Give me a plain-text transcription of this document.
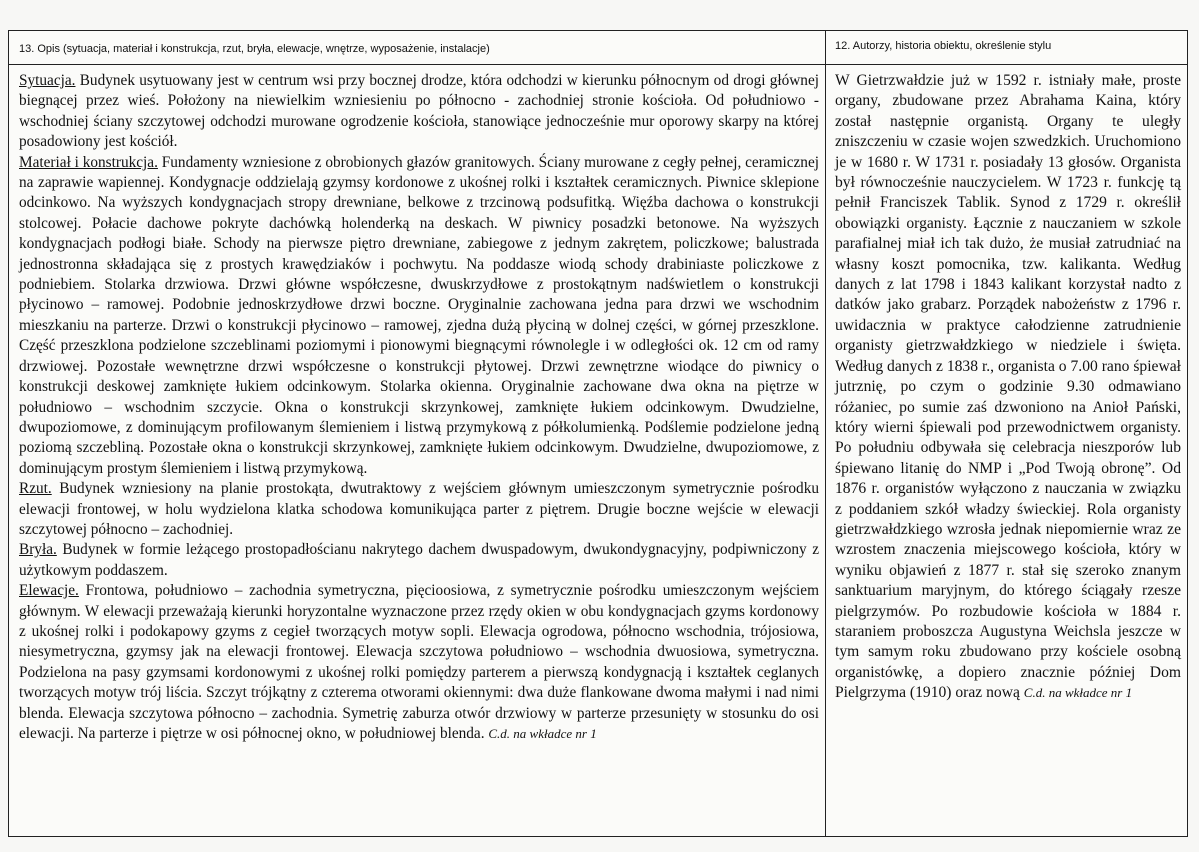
13. Opis (sytuacja, materiał i konstrukcja, rzut, bryła, elewacje, wnętrze, wyposażenie, instalacje)	12. Autorzy, historia obiektu, określenie stylu

Sytuacja. Budynek usytuowany jest w centrum wsi przy bocznej drodze, która odchodzi w kierunku północnym od drogi głównej biegnącej przez wieś. Położony na niewielkim wzniesieniu po północno - zachodniej stronie kościoła. Od południowo - wschodniej ściany szczytowej odchodzi murowane ogrodzenie kościoła, stanowiące jednocześnie mur oporowy skarpy na której posadowiony jest kościół.

Materiał i konstrukcja. Fundamenty wzniesione z obrobionych głazów granitowych. Ściany murowane z cegły pełnej, ceramicznej na zaprawie wapiennej. Kondygnacje oddzielają gzymsy kordonowe z ukośnej rolki i kształtek ceramicznych. Piwnice sklepione odcinkowo. Na wyższych kondygnacjach stropy drewniane, belkowe z trzcinową podsufitką. Więźba dachowa o konstrukcji stolcowej. Połacie dachowe pokryte dachówką holenderką na deskach. W piwnicy posadzki betonowe. Na wyższych kondygnacjach podłogi białe. Schody na pierwsze piętro drewniane, zabiegowe z jednym zakrętem, policzkowe; balustrada jednostronna składająca się z prostych krawędziaków i pochwytu. Na poddasze wiodą schody drabiniaste policzkowe z podniebiem. Stolarka drzwiowa. Drzwi główne współczesne, dwuskrzydłowe z prostokątnym nadświetlem o konstrukcji płycinowo – ramowej. Podobnie jednoskrzydłowe drzwi boczne. Oryginalnie zachowana jedna para drzwi we wschodnim mieszkaniu na parterze. Drzwi o konstrukcji płycinowo – ramowej, zjedna dużą płyciną w dolnej części, w górnej przeszklone. Część przeszklona podzielone szczeblinami poziomymi i pionowymi biegnącymi równolegle i w odległości ok. 12 cm od ramy drzwiowej. Pozostałe wewnętrzne drzwi współczesne o konstrukcji płytowej. Drzwi zewnętrzne wiodące do piwnicy o konstrukcji deskowej zamknięte łukiem odcinkowym. Stolarka okienna. Oryginalnie zachowane dwa okna na piętrze w południowo – wschodnim szczycie. Okna o konstrukcji skrzynkowej, zamknięte łukiem odcinkowym. Dwudzielne, dwupoziomowe, z dominującym profilowanym ślemieniem i listwą przymykową z półkolumienką. Podślemie podzielone jedną poziomą szczebliną. Pozostałe okna o konstrukcji skrzynkowej, zamknięte łukiem odcinkowym. Dwudzielne, dwupoziomowe, z dominującym prostym ślemieniem i listwą przymykową.

Rzut. Budynek wzniesiony na planie prostokąta, dwutraktowy z wejściem głównym umieszczonym symetrycznie pośrodku elewacji frontowej, w holu wydzielona klatka schodowa komunikująca parter z piętrem. Drugie boczne wejście w elewacji szczytowej północno – zachodniej.

Bryła. Budynek w formie leżącego prostopadłościanu nakrytego dachem dwuspadowym, dwukondygnacyjny, podpiwniczony z użytkowym poddaszem.

Elewacje. Frontowa, południowo – zachodnia symetryczna, pięcioosiowa, z symetrycznie pośrodku umieszczonym wejściem głównym. W elewacji przeważają kierunki horyzontalne wyznaczone przez rzędy okien w obu kondygnacjach gzyms kordonowy z ukośnej rolki i podokapowy gzyms z cegieł tworzących motyw sopli. Elewacja ogrodowa, północno wschodnia, trójosiowa, niesymetryczna, gzymsy jak na elewacji frontowej. Elewacja szczytowa południowo – wschodnia dwuosiowa, symetryczna. Podzielona na pasy gzymsami kordonowymi z ukośnej rolki pomiędzy parterem a pierwszą kondygnacją i kształtek ceglanych tworzących motyw trój liścia. Szczyt trójkątny z czterema otworami okiennymi: dwa duże flankowane dwoma małymi i nad nimi blenda. Elewacja szczytowa północno – zachodnia. Symetrię zaburza otwór drzwiowy w parterze przesunięty w stosunku do osi elewacji. Na parterze i piętrze w osi północnej okno, w południowej blenda. C.d. na wkładce nr 1

W Gietrzwałdzie już w 1592 r. istniały małe, proste organy, zbudowane przez Abrahama Kaina, który został następnie organistą. Organy te uległy zniszczeniu w czasie wojen szwedzkich. Uruchomiono je w 1680 r. W 1731 r. posiadały 13 głosów. Organista był równocześnie nauczycielem. W 1723 r. funkcję tą pełnił Franciszek Tablik. Synod z 1729 r. określił obowiązki organisty. Łącznie z nauczaniem w szkole parafialnej miał ich tak dużo, że musiał zatrudniać na własny koszt pomocnika, tzw. kalikanta. Według danych z lat 1798 i 1843 kalikant korzystał nadto z datków jako grabarz. Porządek nabożeństw z 1796 r. uwidacznia w praktyce całodzienne zatrudnienie organisty gietrzwałdzkiego w niedziele i święta. Według danych z 1838 r., organista o 7.00 rano śpiewał jutrznię, po czym o godzinie 9.30 odmawiano różaniec, po sumie zaś dzwoniono na Anioł Pański, który wierni śpiewali pod przewodnictwem organisty. Po południu odbywała się celebracja nieszporów lub śpiewano litanię do NMP i „Pod Twoją obronę”. Od 1876 r. organistów wyłączono z nauczania w związku z poddaniem szkół władzy świeckiej. Rola organisty gietrzwałdzkiego wzrosła jednak niepomiernie wraz ze wzrostem znaczenia miejscowego kościoła, który w wyniku objawień z 1877 r. stał się szeroko znanym sanktuarium maryjnym, do którego ściągały rzesze pielgrzymów. Po rozbudowie kościoła w 1884 r. staraniem proboszcza Augustyna Weichsla jeszcze w tym samym roku zbudowano przy kościele osobną organistówkę, a dopiero znacznie później Dom Pielgrzyma (1910) oraz nową C.d. na wkładce nr 1
